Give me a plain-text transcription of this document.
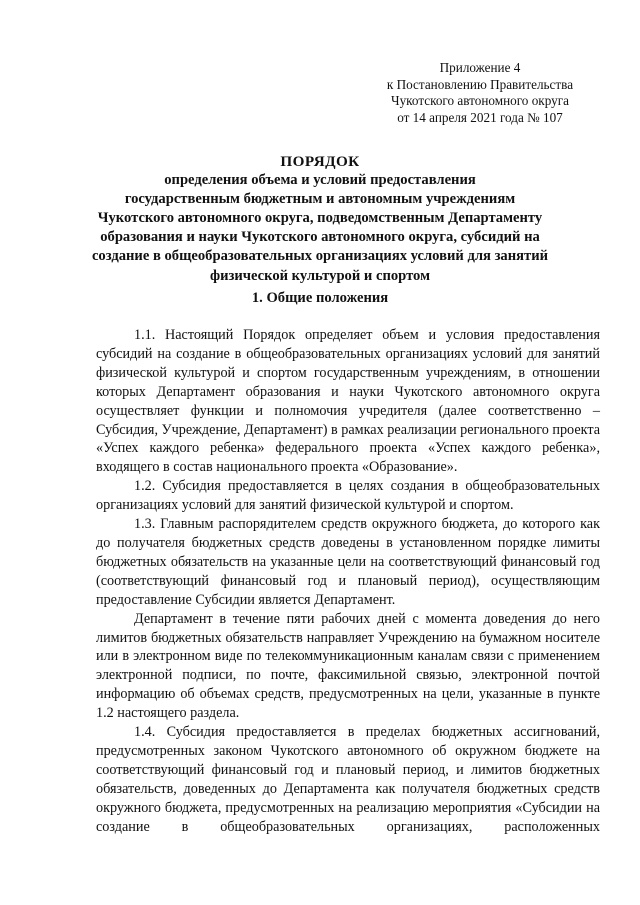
Приложение 4
к Постановлению Правительства
Чукотского автономного округа
от 14 апреля 2021 года № 107
ПОРЯДОК
определения объема и условий предоставления
государственным бюджетным и автономным учреждениям
Чукотского автономного округа, подведомственным Департаменту
образования и науки Чукотского автономного округа, субсидий на
создание в общеобразовательных организациях условий для занятий
физической культурой и спортом
1. Общие положения

1.1. Настоящий Порядок определяет объем и условия предоставления субсидий на создание в общеобразовательных организациях условий для занятий физической культурой и спортом государственным учреждениям, в отношении которых Департамент образования и науки Чукотского автономного округа осуществляет функции и полномочия учредителя (далее соответственно – Субсидия, Учреждение, Департамент) в рамках реализации регионального проекта «Успех каждого ребенка» федерального проекта «Успех каждого ребенка», входящего в состав национального проекта «Образование».

1.2. Субсидия предоставляется в целях создания в общеобразовательных организациях условий для занятий физической культурой и спортом.

1.3. Главным распорядителем средств окружного бюджета, до которого как до получателя бюджетных средств доведены в установленном порядке лимиты бюджетных обязательств на указанные цели на соответствующий финансовый год (соответствующий финансовый год и плановый период), осуществляющим предоставление Субсидии является Департамент.

Департамент в течение пяти рабочих дней с момента доведения до него лимитов бюджетных обязательств направляет Учреждению на бумажном носителе или в электронном виде по телекоммуникационным каналам связи с применением электронной подписи, по почте, факсимильной связью, электронной почтой информацию об объемах средств, предусмотренных на цели, указанные в пункте 1.2 настоящего раздела.

1.4. Субсидия предоставляется в пределах бюджетных ассигнований, предусмотренных законом Чукотского автономного об окружном бюджете на соответствующий финансовый год и плановый период, и лимитов бюджетных обязательств, доведенных до Департамента как получателя бюджетных средств окружного бюджета, предусмотренных на реализацию мероприятия «Субсидии на создание в общеобразовательных организациях, расположенных
